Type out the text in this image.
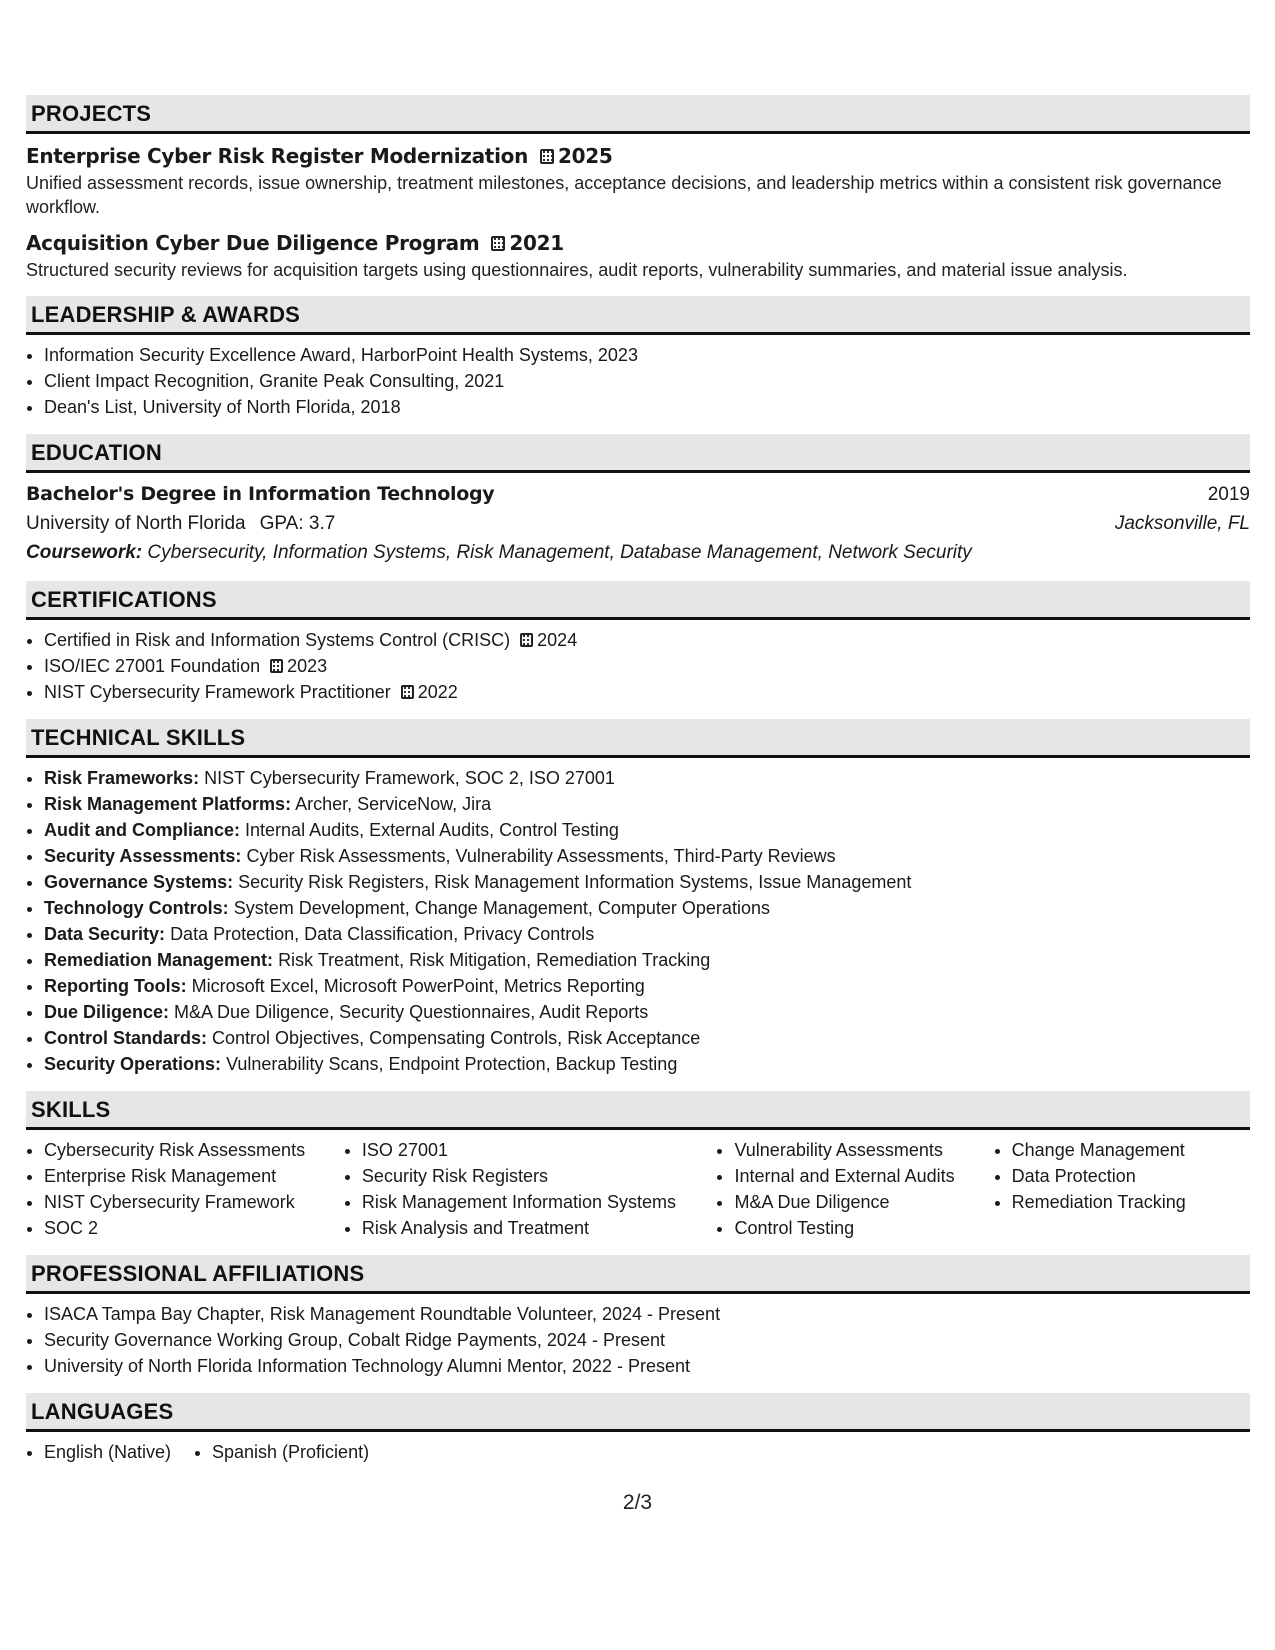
PROJECTS
Enterprise Cyber Risk Register Modernization 2025
Unified assessment records, issue ownership, treatment milestones, acceptance decisions, and leadership metrics within a consistent risk governance workflow.
Acquisition Cyber Due Diligence Program 2021
Structured security reviews for acquisition targets using questionnaires, audit reports, vulnerability summaries, and material issue analysis.
LEADERSHIP & AWARDS
• Information Security Excellence Award, HarborPoint Health Systems, 2023
• Client Impact Recognition, Granite Peak Consulting, 2021
• Dean's List, University of North Florida, 2018
EDUCATION
Bachelor's Degree in Information Technology	2019
University of North Florida GPA: 3.7	Jacksonville, FL
Coursework: Cybersecurity, Information Systems, Risk Management, Database Management, Network Security
CERTIFICATIONS
• Certified in Risk and Information Systems Control (CRISC) 2024
• ISO/IEC 27001 Foundation 2023
• NIST Cybersecurity Framework Practitioner 2022
TECHNICAL SKILLS
• Risk Frameworks: NIST Cybersecurity Framework, SOC 2, ISO 27001
• Risk Management Platforms: Archer, ServiceNow, Jira
• Audit and Compliance: Internal Audits, External Audits, Control Testing
• Security Assessments: Cyber Risk Assessments, Vulnerability Assessments, Third-Party Reviews
• Governance Systems: Security Risk Registers, Risk Management Information Systems, Issue Management
• Technology Controls: System Development, Change Management, Computer Operations
• Data Security: Data Protection, Data Classification, Privacy Controls
• Remediation Management: Risk Treatment, Risk Mitigation, Remediation Tracking
• Reporting Tools: Microsoft Excel, Microsoft PowerPoint, Metrics Reporting
• Due Diligence: M&A Due Diligence, Security Questionnaires, Audit Reports
• Control Standards: Control Objectives, Compensating Controls, Risk Acceptance
• Security Operations: Vulnerability Scans, Endpoint Protection, Backup Testing
SKILLS
• Cybersecurity Risk Assessments
• Enterprise Risk Management
• NIST Cybersecurity Framework
• SOC 2
• ISO 27001
• Security Risk Registers
• Risk Management Information Systems
• Risk Analysis and Treatment
• Vulnerability Assessments
• Internal and External Audits
• M&A Due Diligence
• Control Testing
• Change Management
• Data Protection
• Remediation Tracking
PROFESSIONAL AFFILIATIONS
• ISACA Tampa Bay Chapter, Risk Management Roundtable Volunteer, 2024 - Present
• Security Governance Working Group, Cobalt Ridge Payments, 2024 - Present
• University of North Florida Information Technology Alumni Mentor, 2022 - Present
LANGUAGES
• English (Native)
•	Spanish (Proficient)
2/3
